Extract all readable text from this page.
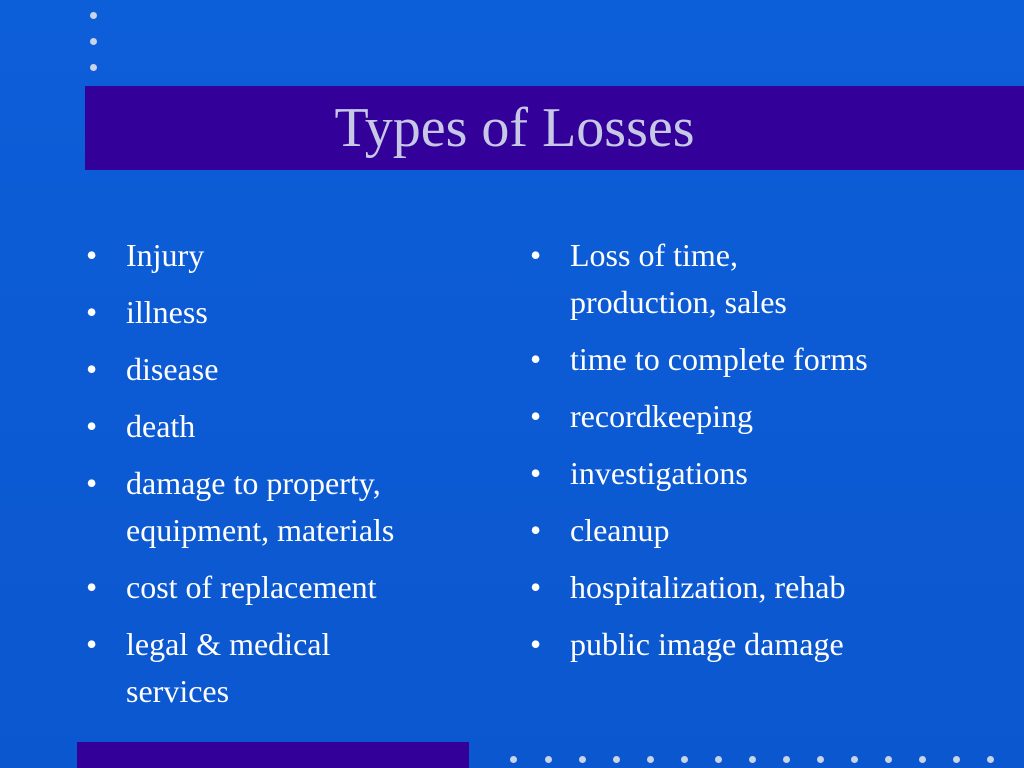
Types of Losses
• Injury
• illness
• disease
• death
• damage to property, equipment, materials
• cost of replacement
• legal & medical services
• Loss of time, production, sales
• time to complete forms
• recordkeeping
• investigations
• cleanup
• hospitalization, rehab
• public image damage
